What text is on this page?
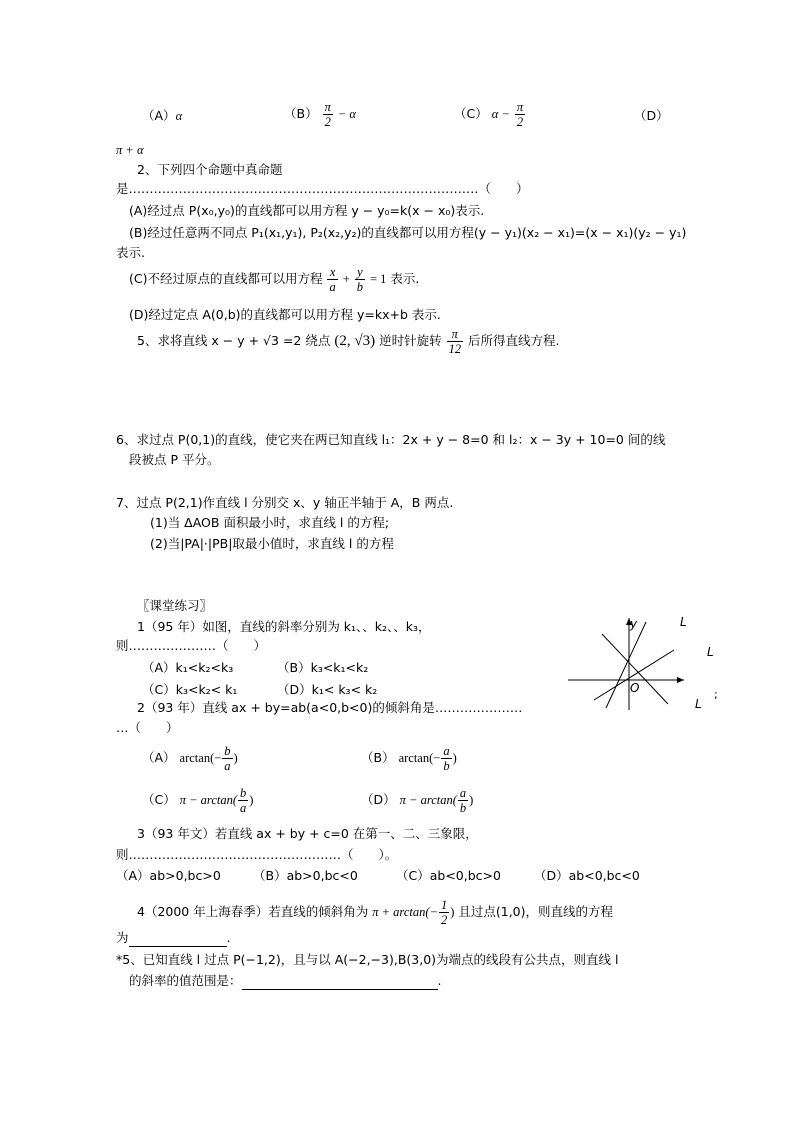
（A）α	$(B) \frac{\pi}{2} - \alpha$	（C） $\alpha - \frac{\pi}{2}$	（D）
π + α
2、下列四个命题中真命题
是…………………………………………………………………………（　　）
(A)经过点 P(x₀,y₀)的直线都可以用方程 y − y₀=k(x − x₀)表示.
(B)经过任意两不同点 P₁(x₁,y₁), P₂(x₂,y₂)的直线都可以用方程(y − y₁)(x₂ − x₁)=(x − x₁)(y₂ − y₁)
表示.
(C)不经过原点的直线都可以用方程 $\frac{x}{a} + \frac{y}{b} = 1$ 表示.
(D)经过定点 A(0,b)的直线都可以用方程 y=kx+b 表示.
5、求将直线 x − y + √3 =2 绕点 (2, √3) 逆时针旋转 $\frac{\pi}{12}$ 后所得直线方程.
6、求过点 P(0,1)的直线，使它夹在两已知直线 l₁：2x + y − 8=0 和 l₂：x − 3y + 10=0 间的线
段被点 P 平分。
7、过点 P(2,1)作直线 l 分别交 x、y 轴正半轴于 A，B 两点.
(1)当 ΔAOB 面积最小时，求直线 l 的方程;
(2)当|PA|·|PB|取最小值时，求直线 l 的方程
〖课堂练习〗
1（95 年）如图，直线的斜率分别为 k₁、、k₂、、k₃，
则…………………（　　）
（A）k₁<k₂<k₃	（B）k₃<k₁<k₂
（C）k₃<k₂< k₁	（D）k₁< k₃< k₂
y
O
L
L
L
;
2（93 年）直线 ax + by=ab(a<0,b<0)的倾斜角是…………………
…（　　）
（A） $\arctan(- \frac{b}{a}$ )	（B） $\arctan(- \frac{a}{b}$ )
（C） $\pi - \arctan( \frac{b}{a}$ )	（D） $\pi - \arctan( \frac{a}{b}$ )
3（93 年文）若直线 ax + by + c=0 在第一、二、三象限，
则……………………………………………（　　）。
（A）ab>0,bc>0	（B）ab>0,bc<0	（C）ab<0,bc>0	（D）ab<0,bc<0
4（2000 年上海春季）若直线的倾斜角为 $\pi + \arctan(- \frac{1}{2}$ ) 且过点(1,0)，则直线的方程
为	.
*5、已知直线 l 过点 P(−1,2)，且与以 A(−2,−3),B(3,0)为端点的线段有公共点，则直线 l
的斜率的值范围是：	.
